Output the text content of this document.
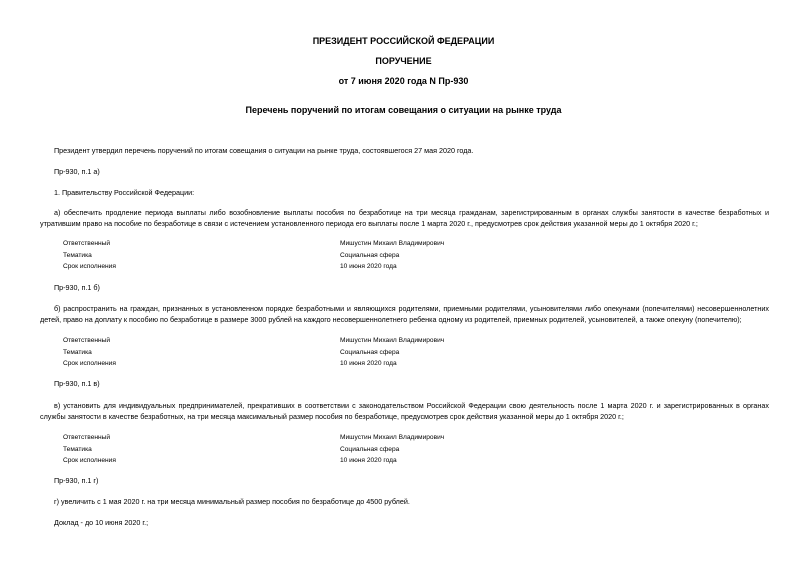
ПРЕЗИДЕНТ РОССИЙСКОЙ ФЕДЕРАЦИИ
ПОРУЧЕНИЕ
от 7 июня 2020 года N Пр-930
Перечень поручений по итогам совещания о ситуации на рынке труда
Президент утвердил перечень поручений по итогам совещания о ситуации на рынке труда, состоявшегося 27 мая 2020 года.
Пр-930, п.1 а)
1. Правительству Российской Федерации:
а) обеспечить продление периода выплаты либо возобновление выплаты пособия по безработице на три месяца гражданам, зарегистрированным в органах службы занятости в качестве безработных и утратившим право на пособие по безработице в связи с истечением установленного периода его выплаты после 1 марта 2020 г., предусмотрев срок действия указанной меры до 1 октября 2020 г.;
Ответственный	Мишустин Михаил Владимирович
Тематика	Социальная сфера
Срок исполнения	10 июня 2020 года
Пр-930, п.1 б)
б) распространить на граждан, признанных в установленном порядке безработными и являющихся родителями, приемными родителями, усыновителями либо опекунами (попечителями) несовершеннолетних детей, право на доплату к пособию по безработице в размере 3000 рублей на каждого несовершеннолетнего ребенка одному из родителей, приемных родителей, усыновителей, а также опекуну (попечителю);
Ответственный	Мишустин Михаил Владимирович
Тематика	Социальная сфера
Срок исполнения	10 июня 2020 года
Пр-930, п.1 в)
в) установить для индивидуальных предпринимателей, прекративших в соответствии с законодательством Российской Федерации свою деятельность после 1 марта 2020 г. и зарегистрированных в органах службы занятости в качестве безработных, на три месяца максимальный размер пособия по безработице, предусмотрев срок действия указанной меры до 1 октября 2020 г.;
Ответственный	Мишустин Михаил Владимирович
Тематика	Социальная сфера
Срок исполнения	10 июня 2020 года
Пр-930, п.1 г)
г) увеличить с 1 мая 2020 г. на три месяца минимальный размер пособия по безработице до 4500 рублей.
Доклад - до 10 июня 2020 г.;
